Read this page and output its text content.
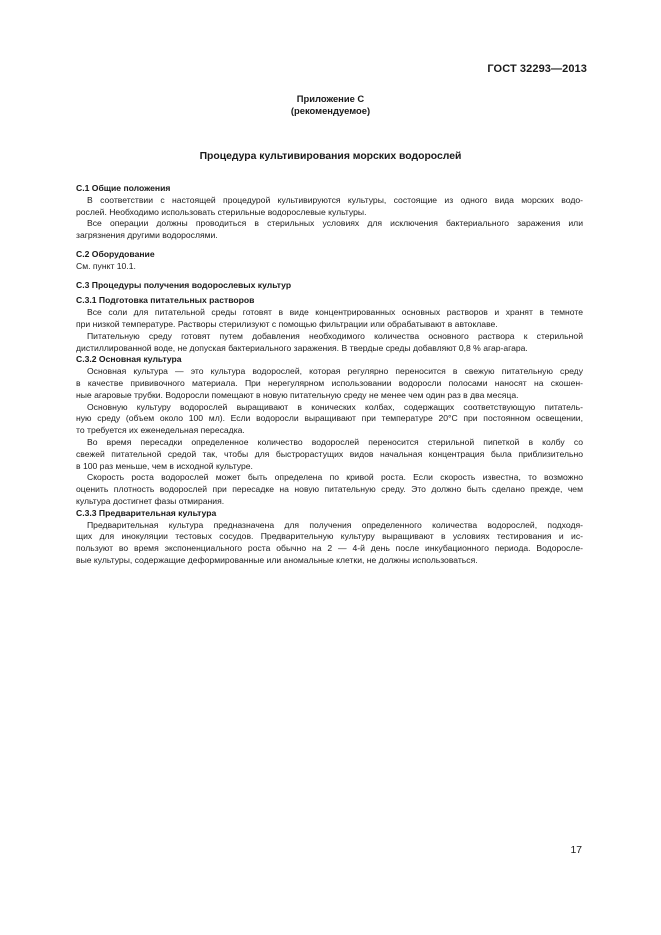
ГОСТ 32293—2013
Приложение С
(рекомендуемое)
Процедура культивирования морских водорослей
С.1 Общие положения
В соответствии с настоящей процедурой культивируются культуры, состоящие из одного вида морских водо-
рослей. Необходимо использовать стерильные водорослевые культуры.
Все операции должны проводиться в стерильных условиях для исключения бактериального заражения или
загрязнения другими водорослями.
С.2 Оборудование
См. пункт 10.1.
С.3 Процедуры получения водорослевых культур
С.3.1 Подготовка питательных растворов
Все соли для питательной среды готовят в виде концентрированных основных растворов и хранят в темноте
при низкой температуре. Растворы стерилизуют с помощью фильтрации или обрабатывают в автоклаве.
Питательную среду готовят путем добавления необходимого количества основного раствора к стерильной
дистиллированной воде, не допуская бактериального заражения. В твердые среды добавляют 0,8 % агар-агара.
С.3.2 Основная культура
Основная культура — это культура водорослей, которая регулярно переносится в свежую питательную среду
в качестве прививочного материала. При нерегулярном использовании водоросли полосами наносят на скошен-
ные агаровые трубки. Водоросли помещают в новую питательную среду не менее чем один раз в два месяца.
Основную культуру водорослей выращивают в конических колбах, содержащих соответствующую питатель-
ную среду (объем около 100 мл). Если водоросли выращивают при температуре 20°С при постоянном освещении,
то требуется их еженедельная пересадка.
Во время пересадки определенное количество водорослей переносится стерильной пипеткой в колбу со
свежей питательной средой так, чтобы для быстрорастущих видов начальная концентрация была приблизительно
в 100 раз меньше, чем в исходной культуре.
Скорость роста водорослей может быть определена по кривой роста. Если скорость известна, то возможно
оценить плотность водорослей при пересадке на новую питательную среду. Это должно быть сделано прежде, чем
культура достигнет фазы отмирания.
С.3.3 Предварительная культура
Предварительная культура предназначена для получения определенного количества водорослей, подходя-
щих для инокуляции тестовых сосудов. Предварительную культуру выращивают в условиях тестирования и ис-
пользуют во время экспоненциального роста обычно на 2 — 4-й день после инкубационного периода. Водоросле-
вые культуры, содержащие деформированные или аномальные клетки, не должны использоваться.
17
